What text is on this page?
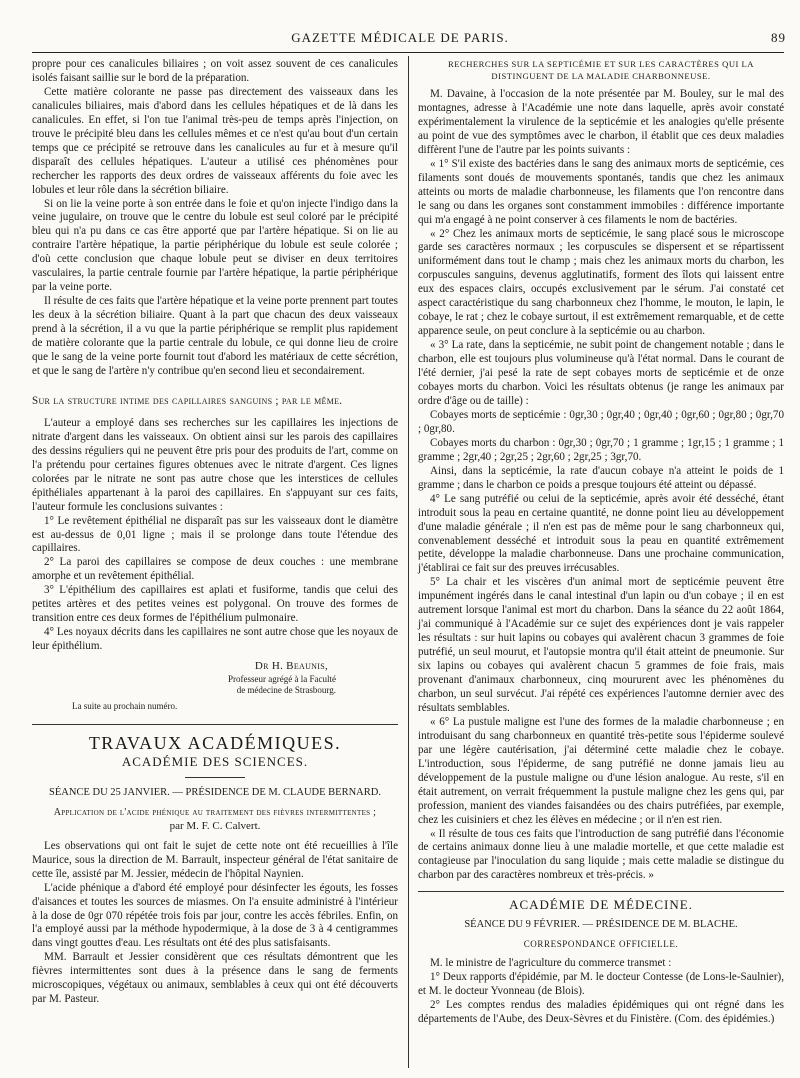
GAZETTE MÉDICALE DE PARIS.	89

propre pour ces canalicules biliaires ; on voit assez souvent de ces canalicules isolés faisant saillie sur le bord de la préparation.

Cette matière colorante ne passe pas directement des vaisseaux dans les canalicules biliaires, mais d'abord dans les cellules hépatiques et de là dans les canalicules. En effet, si l'on tue l'animal très-peu de temps après l'injection, on trouve le précipité bleu dans les cellules mêmes et ce n'est qu'au bout d'un certain temps que ce précipité se retrouve dans les canalicules au fur et à mesure qu'il disparaît des cellules hépatiques. L'auteur a utilisé ces phénomènes pour rechercher les rapports des deux ordres de vaisseaux afférents du foie avec les lobules et leur rôle dans la sécrétion biliaire.

Si on lie la veine porte à son entrée dans le foie et qu'on injecte l'indigo dans la veine jugulaire, on trouve que le centre du lobule est seul coloré par le précipité bleu qui n'a pu dans ce cas être apporté que par l'artère hépatique. Si on lie au contraire l'artère hépatique, la partie périphérique du lobule est seule colorée ; d'où cette conclusion que chaque lobule peut se diviser en deux territoires vasculaires, la partie centrale fournie par l'artère hépatique, la partie périphérique par la veine porte.

Il résulte de ces faits que l'artère hépatique et la veine porte prennent part toutes les deux à la sécrétion biliaire. Quant à la part que chacun des deux vaisseaux prend à la sécrétion, il a vu que la partie périphérique se remplit plus rapidement de matière colorante que la partie centrale du lobule, ce qui donne lieu de croire que le sang de la veine porte fournit tout d'abord les matériaux de cette sécrétion, et que le sang de l'artère n'y contribue qu'en second lieu et secondairement.

Sur la structure intime des capillaires sanguins ; par le même.

L'auteur a employé dans ses recherches sur les capillaires les injections de nitrate d'argent dans les vaisseaux. On obtient ainsi sur les parois des capillaires des dessins réguliers qui ne peuvent être pris pour des produits de l'art, comme on l'a prétendu pour certaines figures obtenues avec le nitrate d'argent. Ces lignes colorées par le nitrate ne sont pas autre chose que les interstices de cellules épithéliales appartenant à la paroi des capillaires. En s'appuyant sur ces faits, l'auteur formule les conclusions suivantes :

1° Le revêtement épithélial ne disparaît pas sur les vaisseaux dont le diamètre est au-dessus de 0,01 ligne ; mais il se prolonge dans toute l'étendue des capillaires.

2° La paroi des capillaires se compose de deux couches : une membrane amorphe et un revêtement épithélial.

3° L'épithélium des capillaires est aplati et fusiforme, tandis que celui des petites artères et des petites veines est polygonal. On trouve des formes de transition entre ces deux formes de l'épithélium pulmonaire.

4° Les noyaux décrits dans les capillaires ne sont autre chose que les noyaux de leur épithélium.

Dr H. Beaunis,
Professeur agrégé à la Faculté
de médecine de Strasbourg.
La suite au prochain numéro.
TRAVAUX ACADÉMIQUES.
ACADÉMIE DES SCIENCES.
SÉANCE DU 25 JANVIER. — PRÉSIDENCE DE M. CLAUDE BERNARD.

Application de l'acide phénique au traitement des fièvres intermittentes ;

par M. F. C. Calvert.

Les observations qui ont fait le sujet de cette note ont été recueillies à l'île Maurice, sous la direction de M. Barrault, inspecteur général de l'état sanitaire de cette île, assisté par M. Jessier, médecin de l'hôpital Naynien.

L'acide phénique a d'abord été employé pour désinfecter les égouts, les fosses d'aisances et toutes les sources de miasmes. On l'a ensuite administré à l'intérieur à la dose de 0gr 070 répétée trois fois par jour, contre les accès fébriles. Enfin, on l'a employé aussi par la méthode hypodermique, à la dose de 3 à 4 centigrammes dans vingt gouttes d'eau. Les résultats ont été des plus satisfaisants.

MM. Barrault et Jessier considèrent que ces résultats démontrent que les fièvres intermittentes sont dues à la présence dans le sang de ferments microscopiques, végétaux ou animaux, semblables à ceux qui ont été découverts par M. Pasteur.

RECHERCHES SUR LA SEPTICÉMIE ET SUR LES CARACTÈRES QUI LA DISTINGUENT DE LA MALADIE CHARBONNEUSE.

M. Davaine, à l'occasion de la note présentée par M. Bouley, sur le mal des montagnes, adresse à l'Académie une note dans laquelle, après avoir constaté expérimentalement la virulence de la septicémie et les analogies qu'elle présente au point de vue des symptômes avec le charbon, il établit que ces deux maladies diffèrent l'une de l'autre par les points suivants :

« 1° S'il existe des bactéries dans le sang des animaux morts de septicémie, ces filaments sont doués de mouvements spontanés, tandis que chez les animaux atteints ou morts de maladie charbonneuse, les filaments que l'on rencontre dans le sang ou dans les organes sont constamment immobiles : différence importante qui m'a engagé à ne point conserver à ces filaments le nom de bactéries.

« 2° Chez les animaux morts de septicémie, le sang placé sous le microscope garde ses caractères normaux ; les corpuscules se dispersent et se répartissent uniformément dans tout le champ ; mais chez les animaux morts du charbon, les corpuscules sanguins, devenus agglutinatifs, forment des îlots qui laissent entre eux des espaces clairs, occupés exclusivement par le sérum. J'ai constaté cet aspect caractéristique du sang charbonneux chez l'homme, le mouton, le lapin, le cobaye, le rat ; chez le cobaye surtout, il est extrêmement remarquable, et de cette apparence seule, on peut conclure à la septicémie ou au charbon.

« 3° La rate, dans la septicémie, ne subit point de changement notable ; dans le charbon, elle est toujours plus volumineuse qu'à l'état normal. Dans le courant de l'été dernier, j'ai pesé la rate de sept cobayes morts de septicémie et de onze cobayes morts du charbon. Voici les résultats obtenus (je range les animaux par ordre d'âge ou de taille) :

Cobayes morts de septicémie : 0gr,30 ; 0gr,40 ; 0gr,40 ; 0gr,60 ; 0gr,80 ; 0gr,70 ; 0gr,80.

Cobayes morts du charbon : 0gr,30 ; 0gr,70 ; 1 gramme ; 1gr,15 ; 1 gramme ; 1 gramme ; 2gr,40 ; 2gr,25 ; 2gr,60 ; 2gr,25 ; 3gr,70.

Ainsi, dans la septicémie, la rate d'aucun cobaye n'a atteint le poids de 1 gramme ; dans le charbon ce poids a presque toujours été atteint ou dépassé.

4° Le sang putréfié ou celui de la septicémie, après avoir été desséché, étant introduit sous la peau en certaine quantité, ne donne point lieu au développement d'une maladie générale ; il n'en est pas de même pour le sang charbonneux qui, convenablement desséché et introduit sous la peau en quantité extrêmement petite, développe la maladie charbonneuse. Dans une prochaine communication, j'établirai ce fait sur des preuves irrécusables.

5° La chair et les viscères d'un animal mort de septicémie peuvent être impunément ingérés dans le canal intestinal d'un lapin ou d'un cobaye ; il en est autrement lorsque l'animal est mort du charbon. Dans la séance du 22 août 1864, j'ai communiqué à l'Académie sur ce sujet des expériences dont je vais rappeler les résultats : sur huit lapins ou cobayes qui avalèrent chacun 3 grammes de foie putréfié, un seul mourut, et l'autopsie montra qu'il était atteint de pneumonie. Sur six lapins ou cobayes qui avalèrent chacun 5 grammes de foie frais, mais provenant d'animaux charbonneux, cinq moururent avec les phénomènes du charbon, un seul survécut. J'ai répété ces expériences l'automne dernier avec des résultats semblables.

« 6° La pustule maligne est l'une des formes de la maladie charbonneuse ; en introduisant du sang charbonneux en quantité très-petite sous l'épiderme soulevé par une légère cautérisation, j'ai déterminé cette maladie chez le cobaye. L'introduction, sous l'épiderme, de sang putréfié ne donne jamais lieu au développement de la pustule maligne ou d'une lésion analogue. Au reste, s'il en était autrement, on verrait fréquemment la pustule maligne chez les gens qui, par profession, manient des viandes faisandées ou des chairs putréfiées, par exemple, chez les cuisiniers et chez les élèves en médecine ; or il n'en est rien.

« Il résulte de tous ces faits que l'introduction de sang putréfié dans l'économie de certains animaux donne lieu à une maladie mortelle, et que cette maladie est contagieuse par l'inoculation du sang liquide ; mais cette maladie se distingue du charbon par des caractères nombreux et très-précis. »

ACADÉMIE DE MÉDECINE.
SÉANCE DU 9 FÉVRIER. — PRÉSIDENCE DE M. BLACHE.
CORRESPONDANCE OFFICIELLE.

M. le ministre de l'agriculture du commerce transmet :

1° Deux rapports d'épidémie, par M. le docteur Contesse (de Lons-le-Saulnier), et M. le docteur Yvonneau (de Blois).

2° Les comptes rendus des maladies épidémiques qui ont régné dans les départements de l'Aube, des Deux-Sèvres et du Finistère. (Com. des épidémies.)
